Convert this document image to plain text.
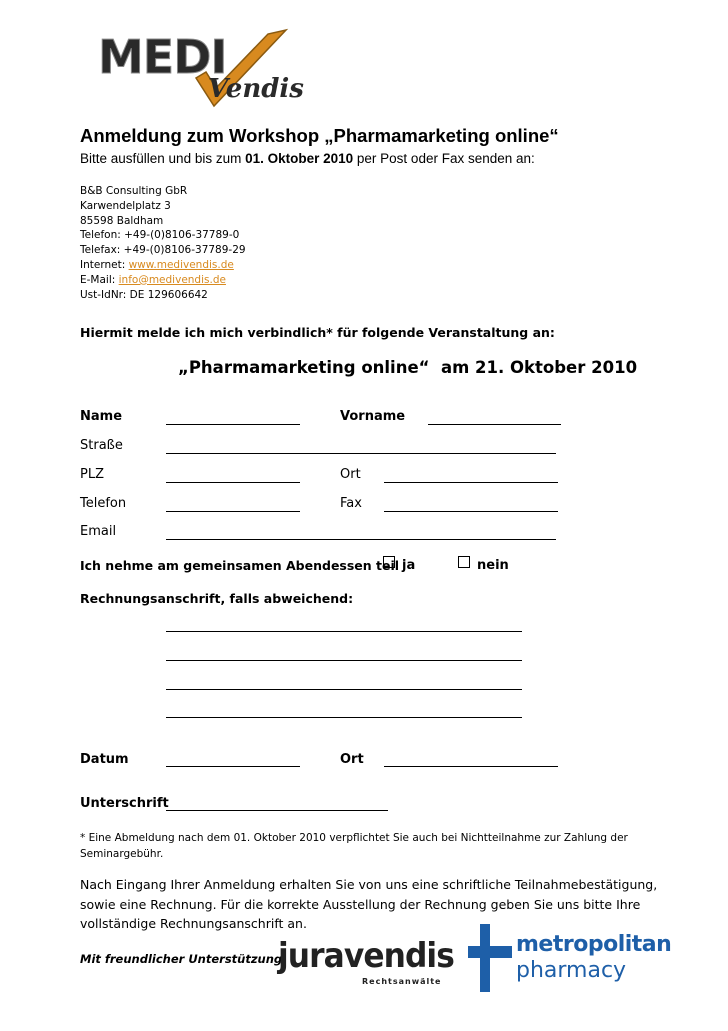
MEDI
Vendis
Anmeldung zum Workshop „Pharmamarketing online“
Bitte ausfüllen und bis zum 01. Oktober 2010 per Post oder Fax senden an:
B&B Consulting GbR
Karwendelplatz 3
85598 Baldham
Telefon: +49-(0)8106-37789-0
Telefax: +49-(0)8106-37789-29
Internet: www.medivendis.de
E-Mail: info@medivendis.de
Ust-IdNr: DE 129606642
Hiermit melde ich mich verbindlich* für folgende Veranstaltung an:
„Pharmamarketing online“  am 21. Oktober 2010
Name	Vorname
Straße
PLZ	Ort
Telefon	Fax
Email
Ich nehme am gemeinsamen Abendessen teil ja	nein
Rechnungsanschrift, falls abweichend:
Datum	Ort
Unterschrift
* Eine Abmeldung nach dem 01. Oktober 2010 verpflichtet Sie auch bei Nichtteilnahme zur Zahlung der Seminargebühr.
Nach Eingang Ihrer Anmeldung erhalten Sie von uns eine schriftliche Teilnahmebestätigung, sowie eine Rechnung. Für die korrekte Ausstellung der Rechnung geben Sie uns bitte Ihre vollständige Rechnungsanschrift an.
Mit freundlicher Unterstützung:
juravendis
Rechtsanwälte
metropolitan
pharmacy
